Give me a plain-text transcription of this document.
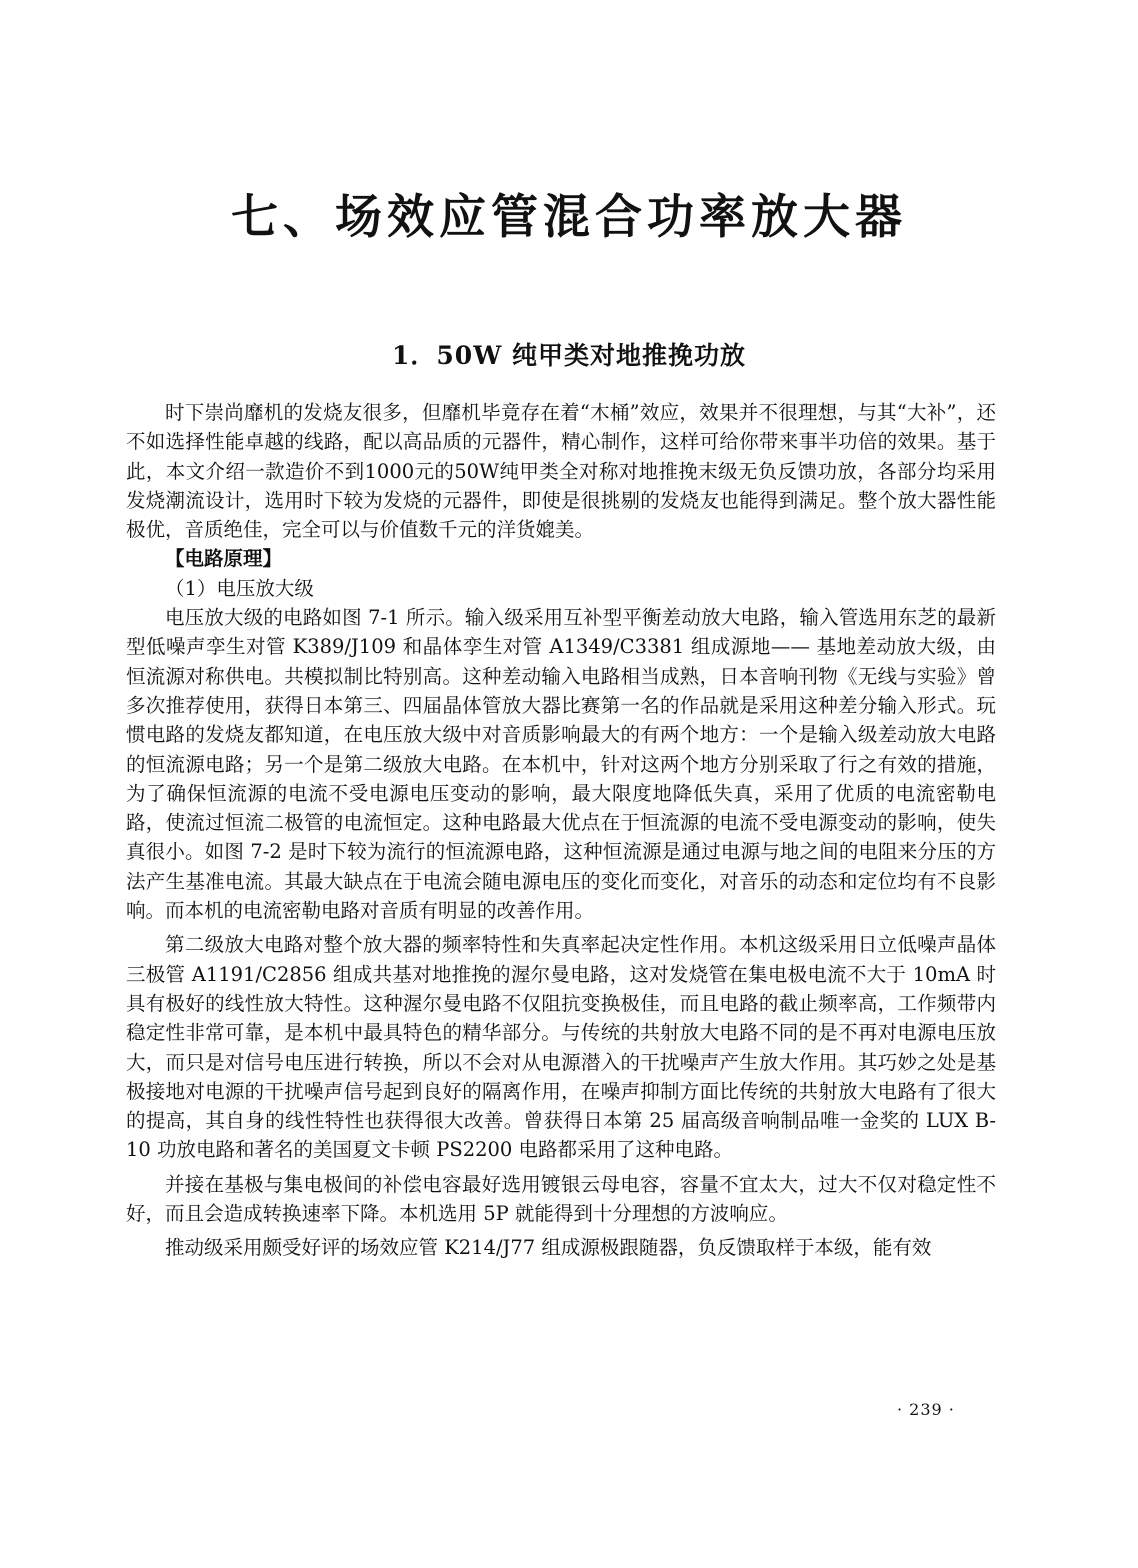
七、场效应管混合功率放大器
1．50W 纯甲类对地推挽功放

时下崇尚靡机的发烧友很多，但靡机毕竟存在着“木桶”效应，效果并不很理想，与其“大补”，还不如选择性能卓越的线路，配以高品质的元器件，精心制作，这样可给你带来事半功倍的效果。基于此，本文介绍一款造价不到1000元的50W纯甲类全对称对地推挽末级无负反馈功放，各部分均采用发烧潮流设计，选用时下较为发烧的元器件，即使是很挑剔的发烧友也能得到满足。整个放大器性能极优，音质绝佳，完全可以与价值数千元的洋货媲美。

【电路原理】

（1）电压放大级

电压放大级的电路如图 7-1 所示。输入级采用互补型平衡差动放大电路，输入管选用东芝的最新型低噪声孪生对管 K389/J109 和晶体孪生对管 A1349/C3381 组成源地—— 基地差动放大级，由恒流源对称供电。共模拟制比特别高。这种差动输入电路相当成熟，日本音响刊物《无线与实验》曾多次推荐使用，获得日本第三、四届晶体管放大器比赛第一名的作品就是采用这种差分输入形式。玩惯电路的发烧友都知道，在电压放大级中对音质影响最大的有两个地方：一个是输入级差动放大电路的恒流源电路；另一个是第二级放大电路。在本机中，针对这两个地方分别采取了行之有效的措施，为了确保恒流源的电流不受电源电压变动的影响，最大限度地降低失真，采用了优质的电流密勒电路，使流过恒流二极管的电流恒定。这种电路最大优点在于恒流源的电流不受电源变动的影响，使失真很小。如图 7-2 是时下较为流行的恒流源电路，这种恒流源是通过电源与地之间的电阻来分压的方法产生基准电流。其最大缺点在于电流会随电源电压的变化而变化，对音乐的动态和定位均有不良影响。而本机的电流密勒电路对音质有明显的改善作用。

第二级放大电路对整个放大器的频率特性和失真率起决定性作用。本机这级采用日立低噪声晶体三极管 A1191/C2856 组成共基对地推挽的渥尔曼电路，这对发烧管在集电极电流不大于 10mA 时具有极好的线性放大特性。这种渥尔曼电路不仅阻抗变换极佳，而且电路的截止频率高，工作频带内稳定性非常可靠，是本机中最具特色的精华部分。与传统的共射放大电路不同的是不再对电源电压放大，而只是对信号电压进行转换，所以不会对从电源潜入的干扰噪声产生放大作用。其巧妙之处是基极接地对电源的干扰噪声信号起到良好的隔离作用，在噪声抑制方面比传统的共射放大电路有了很大的提高，其自身的线性特性也获得很大改善。曾获得日本第 25 届高级音响制品唯一金奖的 LUX B-10 功放电路和著名的美国夏文卡顿 PS2200 电路都采用了这种电路。

并接在基极与集电极间的补偿电容最好选用镀银云母电容，容量不宜太大，过大不仅对稳定性不好，而且会造成转换速率下降。本机选用 5P 就能得到十分理想的方波响应。

推动级采用颇受好评的场效应管 K214/J77 组成源极跟随器，负反馈取样于本级，能有效

· 239 ·
